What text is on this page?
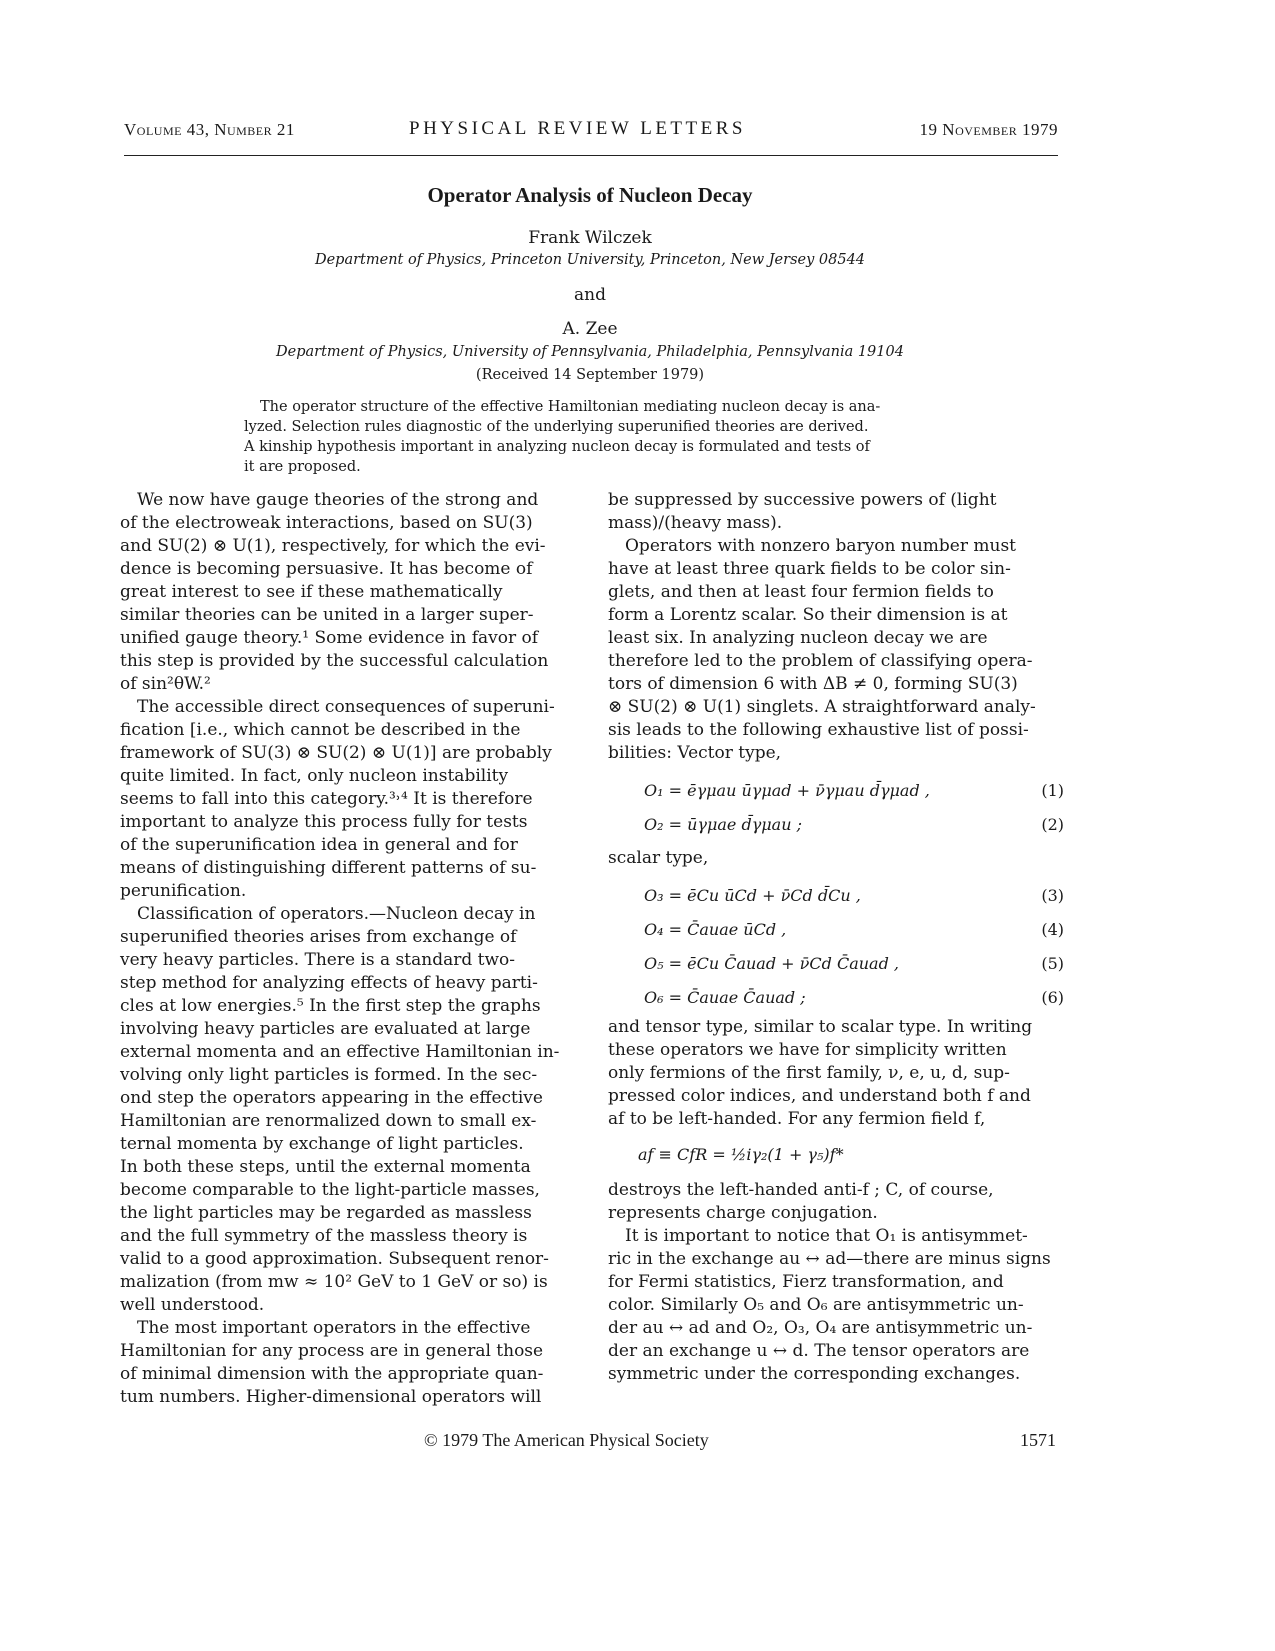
Volume 43, Number 21	PHYSICAL REVIEW LETTERS	19 November 1979
Operator Analysis of Nucleon Decay
Frank Wilczek
Department of Physics, Princeton University, Princeton, New Jersey 08544
and
A. Zee
Department of Physics, University of Pennsylvania, Philadelphia, Pennsylvania 19104
(Received 14 September 1979)
The operator structure of the effective Hamiltonian mediating nucleon decay is ana-
lyzed. Selection rules diagnostic of the underlying superunified theories are derived.
A kinship hypothesis important in analyzing nucleon decay is formulated and tests of
it are proposed.
We now have gauge theories of the strong and
of the electroweak interactions, based on SU(3)
and SU(2) ⊗ U(1), respectively, for which the evi-
dence is becoming persuasive. It has become of
great interest to see if these mathematically
similar theories can be united in a larger super-
unified gauge theory.¹ Some evidence in favor of
this step is provided by the successful calculation
of sin²θW.²
The accessible direct consequences of superuni-
fication [i.e., which cannot be described in the
framework of SU(3) ⊗ SU(2) ⊗ U(1)] are probably
quite limited. In fact, only nucleon instability
seems to fall into this category.³˒⁴ It is therefore
important to analyze this process fully for tests
of the superunification idea in general and for
means of distinguishing different patterns of su-
perunification.
Classification of operators.—Nucleon decay in
superunified theories arises from exchange of
very heavy particles. There is a standard two-
step method for analyzing effects of heavy parti-
cles at low energies.⁵ In the first step the graphs
involving heavy particles are evaluated at large
external momenta and an effective Hamiltonian in-
volving only light particles is formed. In the sec-
ond step the operators appearing in the effective
Hamiltonian are renormalized down to small ex-
ternal momenta by exchange of light particles.
In both these steps, until the external momenta
become comparable to the light-particle masses,
the light particles may be regarded as massless
and the full symmetry of the massless theory is
valid to a good approximation. Subsequent renor-
malization (from mw ≈ 10² GeV to 1 GeV or so) is
well understood.
The most important operators in the effective
Hamiltonian for any process are in general those
of minimal dimension with the appropriate quan-
tum numbers. Higher-dimensional operators will
be suppressed by successive powers of (light
mass)/(heavy mass).
Operators with nonzero baryon number must
have at least three quark fields to be color sin-
glets, and then at least four fermion fields to
form a Lorentz scalar. So their dimension is at
least six. In analyzing nucleon decay we are
therefore led to the problem of classifying opera-
tors of dimension 6 with ΔB ≠ 0, forming SU(3)
⊗ SU(2) ⊗ U(1) singlets. A straightforward analy-
sis leads to the following exhaustive list of possi-
bilities: Vector type,
O₁ = ēγμau ūγμad + ν̄γμau d̄γμad ,	(1)
O₂ = ūγμae d̄γμau ;	(2)
scalar type,
O₃ = ēCu ūCd + ν̄Cd d̄Cu ,	(3)
O₄ = C̄auae ūCd ,	(4)
O₅ = ēCu C̄auad + ν̄Cd C̄auad ,	(5)
O₆ = C̄auae C̄auad ;	(6)
and tensor type, similar to scalar type. In writing
these operators we have for simplicity written
only fermions of the first family, ν, e, u, d, sup-
pressed color indices, and understand both f and
af to be left-handed. For any fermion field f,
af ≡ CfR = ½iγ₂(1 + γ₅)f*
destroys the left-handed anti-f ; C, of course,
represents charge conjugation.
It is important to notice that O₁ is antisymmet-
ric in the exchange au ↔ ad—there are minus signs
for Fermi statistics, Fierz transformation, and
color. Similarly O₅ and O₆ are antisymmetric un-
der au ↔ ad and O₂, O₃, O₄ are antisymmetric un-
der an exchange u ↔ d. The tensor operators are
symmetric under the corresponding exchanges.
© 1979 The American Physical Society	1571
